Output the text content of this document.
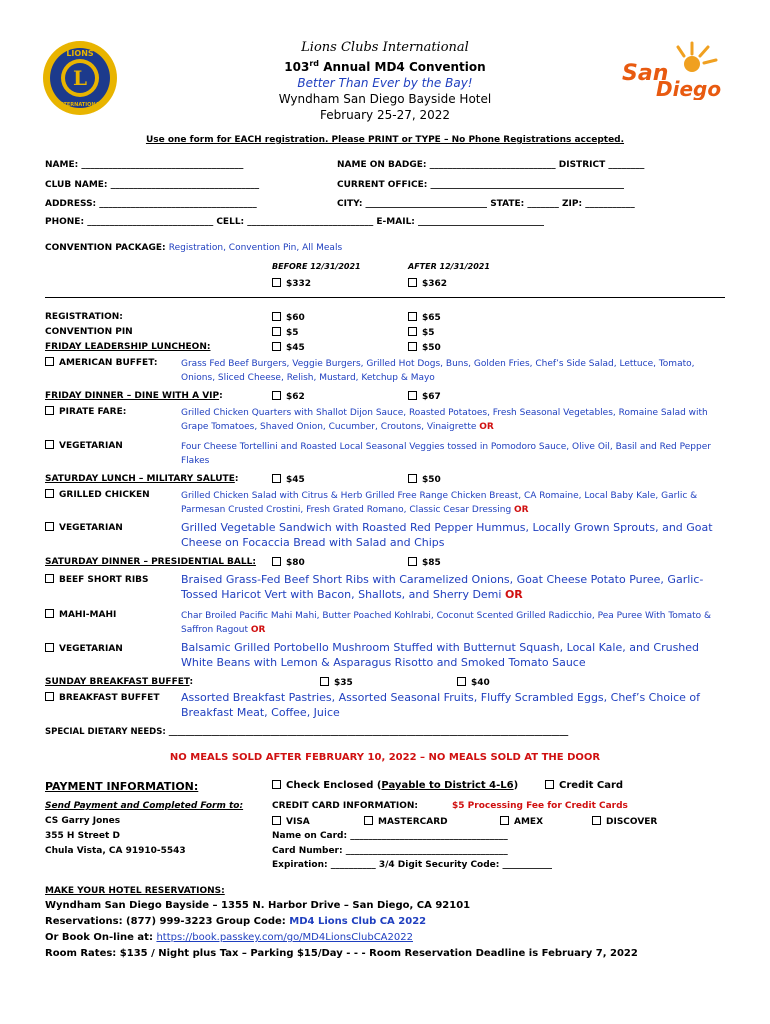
L
LIONS
INTERNATIONAL
San
Diego
Lions Clubs International
103rd Annual MD4 Convention
Better Than Ever by the Bay!
Wyndham San Diego Bayside Hotel
February 25-27, 2022
Use one form for EACH registration. Please PRINT or TYPE – No Phone Registrations accepted.
NAME: ____________________________________	NAME ON BADGE: ____________________________ DISTRICT ________
CLUB NAME: _________________________________	CURRENT OFFICE: ___________________________________________
ADDRESS: ___________________________________	CITY: ___________________________ STATE: _______ ZIP: ___________
PHONE: ____________________________ CELL: ____________________________ E-MAIL: ____________________________
CONVENTION PACKAGE: Registration, Convention Pin, All Meals
BEFORE 12/31/2021	AFTER 12/31/2021
$332	$362
REGISTRATION:	$60	$65
CONVENTION PIN	$5	$5
FRIDAY LEADERSHIP LUNCHEON:	$45	$50
AMERICAN BUFFET:	Grass Fed Beef Burgers, Veggie Burgers, Grilled Hot Dogs, Buns, Golden Fries, Chef’s Side Salad, Lettuce, Tomato, Onions, Sliced Cheese, Relish, Mustard, Ketchup & Mayo
FRIDAY DINNER – DINE WITH A VIP:	$62	$67
PIRATE FARE:	Grilled Chicken Quarters with Shallot Dijon Sauce, Roasted Potatoes, Fresh Seasonal Vegetables, Romaine Salad with Grape Tomatoes, Shaved Onion, Cucumber, Croutons, Vinaigrette OR
VEGETARIAN	Four Cheese Tortellini and Roasted Local Seasonal Veggies tossed in Pomodoro Sauce, Olive Oil, Basil and Red Pepper Flakes
SATURDAY LUNCH – MILITARY SALUTE:	$45	$50
GRILLED CHICKEN	Grilled Chicken Salad with Citrus & Herb Grilled Free Range Chicken Breast, CA Romaine, Local Baby Kale, Garlic & Parmesan Crusted Crostini, Fresh Grated Romano, Classic Cesar Dressing OR
VEGETARIAN	Grilled Vegetable Sandwich with Roasted Red Pepper Hummus, Locally Grown Sprouts, and Goat Cheese on Focaccia Bread with Salad and Chips
SATURDAY DINNER – PRESIDENTIAL BALL:	$80	$85
BEEF SHORT RIBS	Braised Grass-Fed Beef Short Ribs with Caramelized Onions, Goat Cheese Potato Puree, Garlic-Tossed Haricot Vert with Bacon, Shallots, and Sherry Demi OR
MAHI-MAHI	Char Broiled Pacific Mahi Mahi, Butter Poached Kohlrabi, Coconut Scented Grilled Radicchio, Pea Puree With Tomato & Saffron Ragout OR
VEGETARIAN	Balsamic Grilled Portobello Mushroom Stuffed with Butternut Squash, Local Kale, and Crushed White Beans with Lemon & Asparagus Risotto and Smoked Tomato Sauce
SUNDAY BREAKFAST BUFFET:	$35	$40
BREAKFAST BUFFET Assorted Breakfast Pastries, Assorted Seasonal Fruits, Fluffy Scrambled Eggs, Chef’s Choice of Breakfast Meat, Coffee, Juice
SPECIAL DIETARY NEEDS: ______________________________________________________________________________________________
NO MEALS SOLD AFTER FEBRUARY 10, 2022 – NO MEALS SOLD AT THE DOOR
PAYMENT INFORMATION:	Check Enclosed (Payable to District 4-L6)	Credit Card
Send Payment and Completed Form to:
CS Garry Jones
355 H Street D
Chula Vista, CA 91910-5543
CREDIT CARD INFORMATION:	$5 Processing Fee for Credit Cards
VISA	MASTERCARD	AMEX	DISCOVER
Name on Card: ___________________________________
Card Number: ____________________________________
Expiration: __________ 3/4 Digit Security Code: ___________
MAKE YOUR HOTEL RESERVATIONS:
Wyndham San Diego Bayside – 1355 N. Harbor Drive – San Diego, CA 92101
Reservations: (877) 999-3223 Group Code: MD4 Lions Club CA 2022
Or Book On-line at: https://book.passkey.com/go/MD4LionsClubCA2022
Room Rates: $135 / Night plus Tax – Parking $15/Day - - - Room Reservation Deadline is February 7, 2022
